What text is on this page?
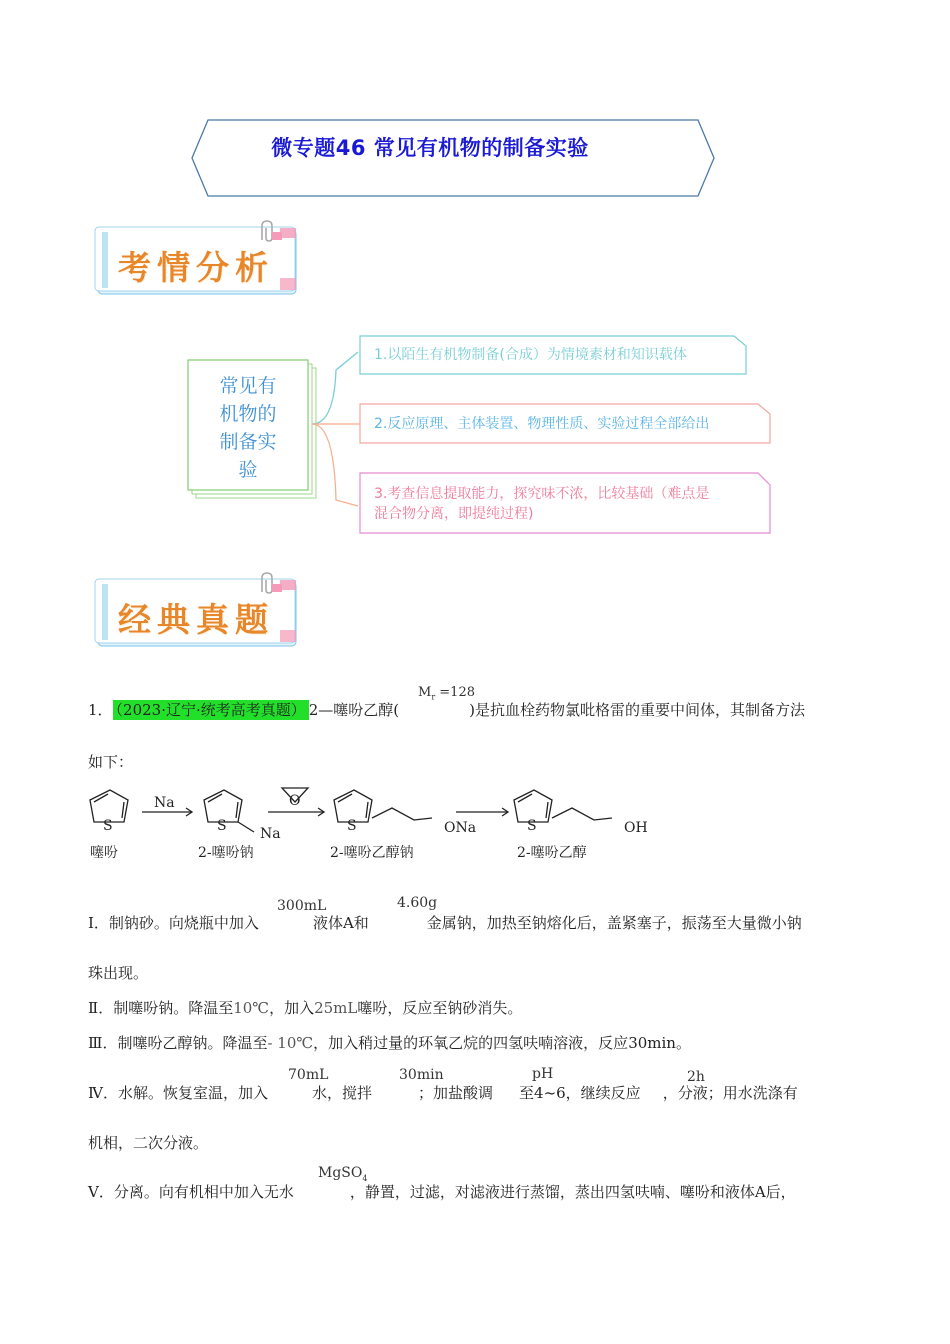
微专题46 常见有机物的制备实验
考情分析
常见有
机物的
制备实
验
1.以陌生有机物制备(合成）为情境素材和知识载体
2.反应原理、主体装置、物理性质、实验过程全部给出
3.考查信息提取能力，探究味不浓，比较基础（难点是
混合物分离，即提纯过程)
经典真题
1． （2023·辽宁·统考高考真题） 2—噻吩乙醇(	)是抗血栓药物氯吡格雷的重要中间体，其制备方法
$M_r =128$
如下：
S	S	S	S
Na
Na
O
ONa	OH
噻吩	2-噻吩钠	2-噻吩乙醇钠	2-噻吩乙醇
Ⅰ．制钠砂。向烧瓶中加入	液体A和	金属钠，加热至钠熔化后，盖紧塞子，振荡至大量微小钠
300mL	4.60g
珠出现。
Ⅱ．制噻吩钠。降温至10℃，加入25mL噻吩，反应至钠砂消失。
Ⅲ．制噻吩乙醇钠。降温至- 10℃，加入稍过量的环氧乙烷的四氢呋喃溶液，反应30min。
Ⅳ．水解。恢复室温，加入	水，搅拌	；加盐酸调 至4~6，继续反应 ，分液；用水洗涤有
70mL	30min	pH	2h
机相，二次分液。
Ⅴ．分离。向有机相中加入无水	，静置，过滤，对滤液进行蒸馏，蒸出四氢呋喃、噻吩和液体A后，
MgSO$_4$
